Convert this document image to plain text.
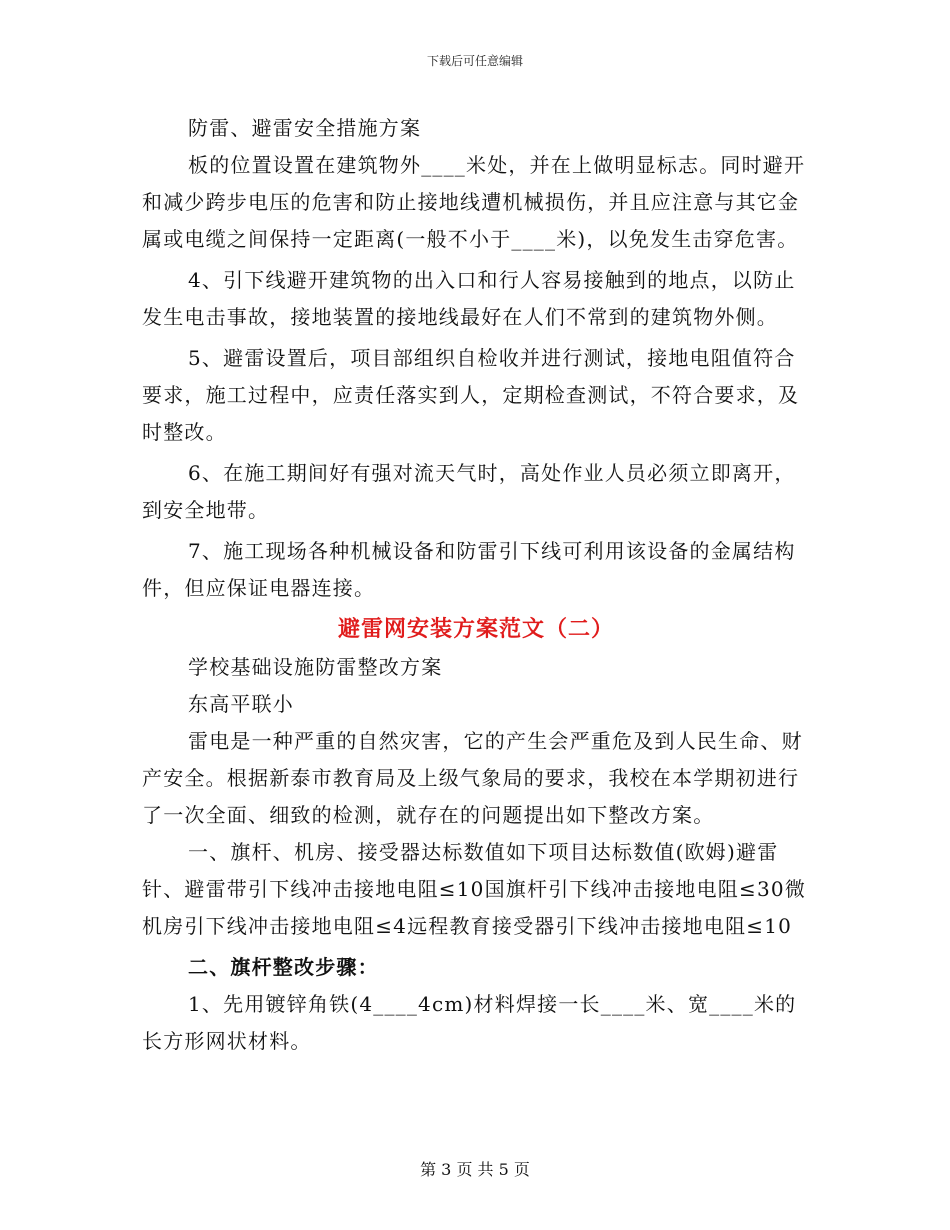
下载后可任意编辑

防雷、避雷安全措施方案

板的位置设置在建筑物外____米处，并在上做明显标志。同时避开和减少跨步电压的危害和防止接地线遭机械损伤，并且应注意与其它金属或电缆之间保持一定距离(一般不小于____米)，以免发生击穿危害。

4、引下线避开建筑物的出入口和行人容易接触到的地点，以防止发生电击事故，接地装置的接地线最好在人们不常到的建筑物外侧。

5、避雷设置后，项目部组织自检收并进行测试，接地电阻值符合要求，施工过程中，应责任落实到人，定期检查测试，不符合要求，及时整改。

6、在施工期间好有强对流天气时，高处作业人员必须立即离开，到安全地带。

7、施工现场各种机械设备和防雷引下线可利用该设备的金属结构件，但应保证电器连接。

避雷网安装方案范文（二）

学校基础设施防雷整改方案

东高平联小

雷电是一种严重的自然灾害，它的产生会严重危及到人民生命、财产安全。根据新泰市教育局及上级气象局的要求，我校在本学期初进行了一次全面、细致的检测，就存在的问题提出如下整改方案。

一、旗杆、机房、接受器达标数值如下项目达标数值(欧姆)避雷针、避雷带引下线冲击接地电阻≤10国旗杆引下线冲击接地电阻≤30微机房引下线冲击接地电阻≤4远程教育接受器引下线冲击接地电阻≤10

二、旗杆整改步骤：

1、先用镀锌角铁(4____4cm)材料焊接一长____米、宽____米的长方形网状材料。

第 3 页 共 5 页
